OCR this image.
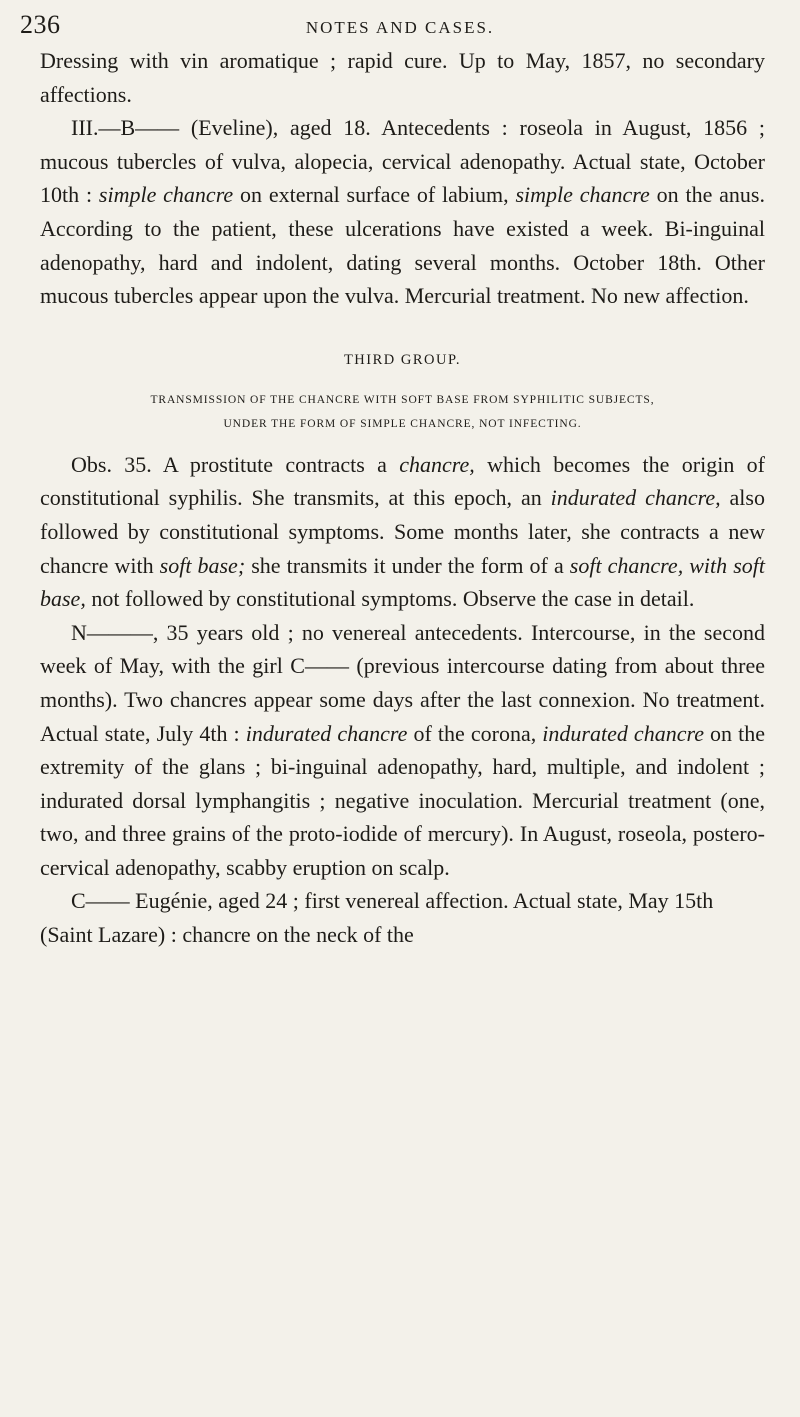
236	NOTES AND CASES.

Dressing with vin aromatique ; rapid cure. Up to May, 1857, no secondary affections.

III.—B—— (Eveline), aged 18. Antecedents : roseola in August, 1856 ; mucous tubercles of vulva, alopecia, cervical adenopathy. Actual state, October 10th : simple chancre on external surface of labium, simple chancre on the anus. According to the patient, these ulcerations have existed a week. Bi-inguinal adenopathy, hard and indolent, dating several months. October 18th. Other mucous tubercles appear upon the vulva. Mercurial treatment. No new affection.

THIRD GROUP.
TRANSMISSION OF THE CHANCRE WITH SOFT BASE FROM SYPHILITIC SUBJECTS,
UNDER THE FORM OF SIMPLE CHANCRE, NOT INFECTING.

Obs. 35. A prostitute contracts a chancre, which becomes the origin of constitutional syphilis. She transmits, at this epoch, an indurated chancre, also followed by constitutional symptoms. Some months later, she contracts a new chancre with soft base; she transmits it under the form of a soft chancre, with soft base, not followed by constitutional symptoms. Observe the case in detail.

N———, 35 years old ; no venereal antecedents. Intercourse, in the second week of May, with the girl C—— (previous intercourse dating from about three months). Two chancres appear some days after the last connexion. No treatment. Actual state, July 4th : indurated chancre of the corona, indurated chancre on the extremity of the glans ; bi-inguinal adenopathy, hard, multiple, and indolent ; indurated dorsal lymphangitis ; negative inoculation. Mercurial treatment (one, two, and three grains of the proto-iodide of mercury). In August, roseola, postero-cervical adenopathy, scabby eruption on scalp.

C—— Eugénie, aged 24 ; first venereal affection. Actual state, May 15th (Saint Lazare) : chancre on the neck of the
